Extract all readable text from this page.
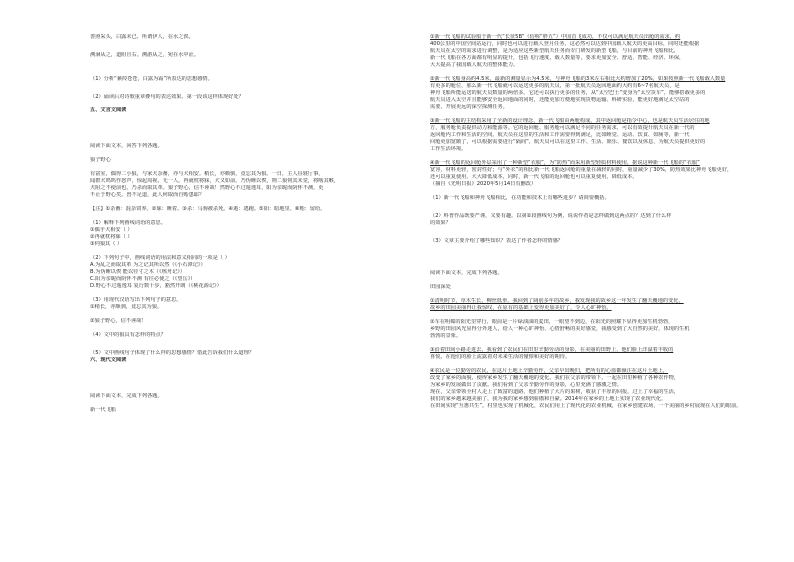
善照采头，白露未已，所谓伊人，在水之涘。

溯洄从之，道阻且右。溯游从之，宛在水中沚。

（1）分析“蒹葭苍苍，白露为霜”所表达的思想感情。

（2）诵读后对诗歌重章叠句的表达效果。第一段该这样体现好处？
五、文言文阅读

阅读下面文本，回答下列各题。

狼子野心

有富室，偶得二小狼，与家犬杂畜，亦与犬相安。稍长，亦颇驯，竟忘其为狼。一日，主人昼寝厅事，
闻群犬呜呜作怒声，惊起周视，无一人。再就枕将寐，犬又如前。乃伪睡以俟，则二狼伺其未觉，将啮其喉，
犬阻之不使前也。乃杀而取其革。狼子野心，信不诬哉！然野心不过遁逸耳，阳为亲昵而阴怀不测，更
不止于野心矣。兽不足道，此人何取而自贻患耶？

【注】①杂畜：混杂饲养。②寐：睡着。③杀：马驹被杀死。④遁：逃跑。⑤阳：暗地里。⑥贻：留给。

（1）解释下列画线词语的意思。
①偶乎犬相安（ ）
②再就枕将寐（ ）
③伺狼其（ ）

（2）下列句子中，画线词语的用法和意义相同的一项是（ ）
A.为乱之而取其革 为之记其所以然（《小石潭记》）
B.为伪睡以俟 能以径寸之木（《核舟记》）
C.阳为亲昵而阴怀不测 有往必使之（《望岳》）
D.野心不过遁逸耳 复行数十步，豁然开朗（《桃花源记》）

（3）用现代汉语写出下列句子的意思。
①稍长，亦颇驯，竟忘其为狼。

②狼子野心，信不诬哉！

（4）文中的狼具有怎样的特点？

（5）文中画线句子体现了什么样的思想感情？借此告诉我们什么道理？
六、现代文阅读

阅读下面文本，完成下列各题。

新一代飞船
①新一代飞船的试验船于新一代“长征5B”（俗称“胖五”）中国首飞成功，不仅可以满足航天员出舱的需求，约
400公里的中国空间站运行，同时也可以进行载人登月任务，这必然可以达到中国载人航天的更高目标，同时还能根据
航天员在太空的需求进行调整，是为适应这些新型航天任务而专门研发的新型飞船，与目前的神舟飞船相比，
新一代飞船在各方面都有明显的提升，包括飞行速度、载人数量等，要求更加安全、舒适、智能、经济、环保，
大大提高了我国载人航天的整体能力。

②新一代飞船身高约4.5米，最新的测量显示为4.5米，与神舟飞船的3米左右相比大约增加了20%，如果按照新一代飞船载人数量
有更多的舱位，那么新一代飞船就可以运送更多的航天员，第一批航天员返回地面约大约有6~7名航天员，是
神舟飞船所能运送的航天员数量的两倍多。它还可以执行更多的任务，从“太空巴士”变身为“太空货车”，能够搭载更多的
航天员进入太空并且能够安全返回地面的同时，还能更加方便地实现货物运输、科研实验，能更好地满足太空站的
需要，开展更远的深空探测任务。

③新一代飞船的主结构采用了全新的设计理念，新一代飞船由两舱构成，其中返回舱是指令中心，也是航天员生活居住的地
方，服务舱负责提供动力和能源等。它的返回舱、服务舱可以满足不同的任务需求，可以有效提升航天员在新一代的
返回舱内工作和生活的空间。航天员在这里的生活和工作需要得到满足，比如睡觉、运动、饮食、如厕等，新一代
回舱更加宽敞了，可以根据需要进行“隔间”，航天员可以在这里工作、生活、娱乐、餐饮以及休息，为航天员提供更好的
工作生活环境。

④新一代飞船的返回舱外层采用了一种新型“衣服”，为“防热”而采用新型轻质材料使用，据说这种新一代飞船的“衣服”
宽容，材料更轻，密封性好；与“外衣”的相比新一代飞船返回舱的重量在减轻的同时，重量减少了30%，防热效果比神舟飞船更好，
还可以重复使用，大大降低成本，同时，新一代飞船的返回舱也可以重复使用，降低成本。
（摘自《光明日报》2020年5月14日有删改）

（1）新一代飞船和神舟飞船相比，在功能和技术上有哪些进步？请简要概括。

（2）科普作品既要严谨，又要有趣。以第②段画线句为例，说说作者是怎样做到这两点的？达到了什么样
的效果？

（3）文章主要介绍了哪些知识？表达了作者怎样的情感？

阅读下面文本，完成下列各题。

田园深处

①清明时节，草木生长，柳丝低垂，我回到了阔别多年的故乡，我发现我的故乡这一年发生了翻天覆地的变化，
故乡的田园美丽得让我惊叹，在原有的基础上变得更加美好了，令人心旷神怡。

②车在明媚的阳光里穿行，眼前是一片绿油油的麦田，一眼望不到边，在阳光的照耀下显得更加生机勃勃，
乡野的田园风光显得分外迷人，给人一种心旷神怡、心情舒畅的美好感觉，我感受到了大自然的美好，体现的生机
勃勃的景象。

③沿着田间小路走进去，我看到了农民们在田里辛勤劳动的身影，在美丽的田野上，他们脸上洋溢着丰收的
喜悦，在他们的脸上流露着对未来生活的憧憬和美好的期待。

④农民是一位勤劳的农民，在这片土地上辛勤劳作，父亲早出晚归，把所有的心血都倾注在这片土地上，
改变了家乡的面貌，使得家乡发生了翻天覆地的变化。我们在父亲的带领下，一起在田里种植了各种农作物，
为家乡的发展做出了贡献。我们看到了父亲辛勤劳作的身影，心里充满了感激之情。
现在，父亲带领全村人走上了致富的道路，他们种植了大片的果树，收获了丰厚的回报，过上了幸福的生活，
我们的家乡越来越美丽了，我为我的家乡感到骄傲和自豪。2014年在家乡的土地上实现了农业现代化，
在田间实现“互惠共生”。村里也实现了机械化，农民们用上了现代化的农业机械，在家乡创建农场，一个美丽的乡村展现在人们的眼前。
